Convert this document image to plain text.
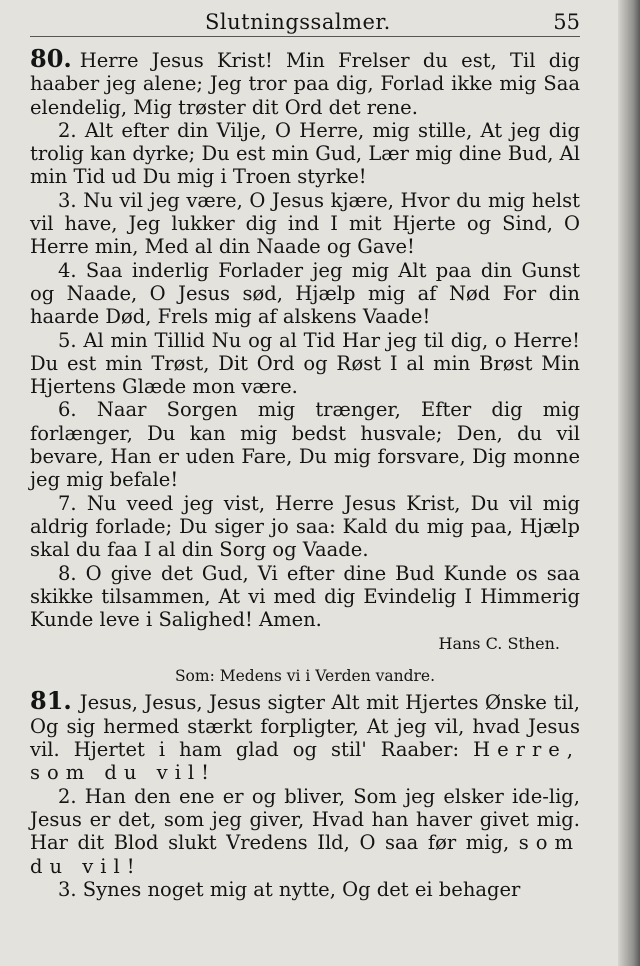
Slutningssalmer.	55

80. Herre Jesus Krist! Min Frelser du est, Til dig haaber jeg alene; Jeg tror paa dig, Forlad ikke mig Saa elendelig, Mig trøster dit Ord det rene.

2. Alt efter din Vilje, O Herre, mig stille, At jeg dig trolig kan dyrke; Du est min Gud, Lær mig dine Bud, Al min Tid ud Du mig i Troen styrke!

3. Nu vil jeg være, O Jesus kjære, Hvor du mig helst vil have, Jeg lukker dig ind I mit Hjerte og Sind, O Herre min, Med al din Naade og Gave!

4. Saa inderlig Forlader jeg mig Alt paa din Gunst og Naade, O Jesus sød, Hjælp mig af Nød For din haarde Død, Frels mig af alskens Vaade!

5. Al min Tillid Nu og al Tid Har jeg til dig, o Herre! Du est min Trøst, Dit Ord og Røst I al min Brøst Min Hjertens Glæde mon være.

6. Naar Sorgen mig trænger, Efter dig mig forlænger, Du kan mig bedst husvale; Den, du vil bevare, Han er uden Fare, Du mig forsvare, Dig monne jeg mig befale!

7. Nu veed jeg vist, Herre Jesus Krist, Du vil mig aldrig forlade; Du siger jo saa: Kald du mig paa, Hjælp skal du faa I al din Sorg og Vaade.

8. O give det Gud, Vi efter dine Bud Kunde os saa skikke tilsammen, At vi med dig Evindelig I Himmerig Kunde leve i Salighed! Amen.

Hans C. Sthen.
Som: Medens vi i Verden vandre.

81. Jesus, Jesus, Jesus sigter Alt mit Hjertes Ønske til, Og sig hermed stærkt forpligter, At jeg vil, hvad Jesus vil. Hjertet i ham glad og stil' Raaber: Herre, som du vil!

2. Han den ene er og bliver, Som jeg elsker ide-lig, Jesus er det, som jeg giver, Hvad han haver givet mig. Har dit Blod slukt Vredens Ild, O saa før mig, som du vil!

3. Synes noget mig at nytte, Og det ei behager
